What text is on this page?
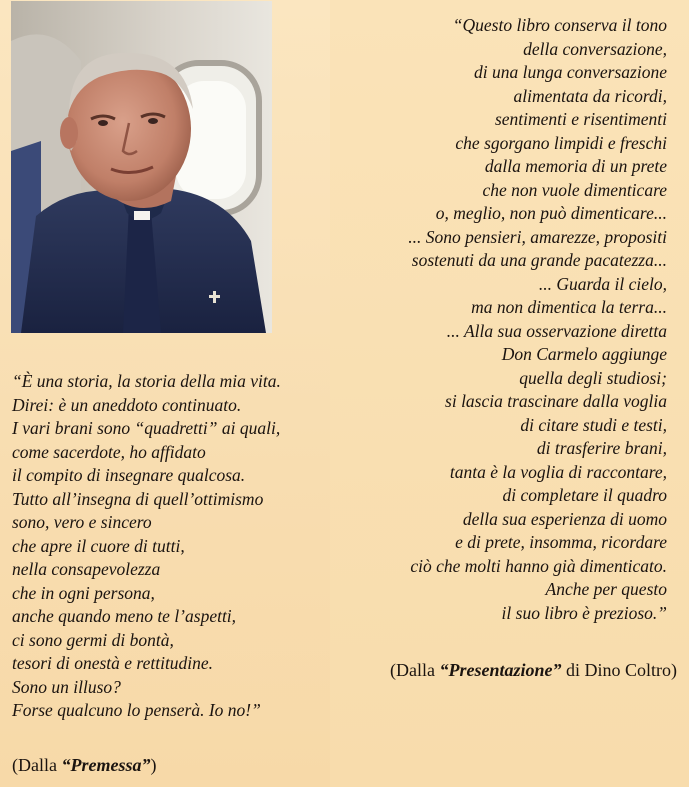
“È una storia, la storia della mia vita.
Direi: è un aneddoto continuato.
I vari brani sono “quadretti” ai quali,
come sacerdote, ho affidato
il compito di insegnare qualcosa.
Tutto all’insegna di quell’ottimismo
sono, vero e sincero
che apre il cuore di tutti,
nella consapevolezza
che in ogni persona,
anche quando meno te l’aspetti,
ci sono germi di bontà,
tesori di onestà e rettitudine.
Sono un illuso?
Forse qualcuno lo penserà. Io no!”
(Dalla “Premessa”)
“Questo libro conserva il tono
della conversazione,
di una lunga conversazione
alimentata da ricordi,
sentimenti e risentimenti
che sgorgano limpidi e freschi
dalla memoria di un prete
che non vuole dimenticare
o, meglio, non può dimenticare...
... Sono pensieri, amarezze, propositi
sostenuti da una grande pacatezza...
... Guarda il cielo,
ma non dimentica la terra...
... Alla sua osservazione diretta
Don Carmelo aggiunge
quella degli studiosi;
si lascia trascinare dalla voglia
di citare studi e testi,
di trasferire brani,
tanta è la voglia di raccontare,
di completare il quadro
della sua esperienza di uomo
e di prete, insomma, ricordare
ciò che molti hanno già dimenticato.
Anche per questo
il suo libro è prezioso.”
(Dalla “Presentazione” di Dino Coltro)
